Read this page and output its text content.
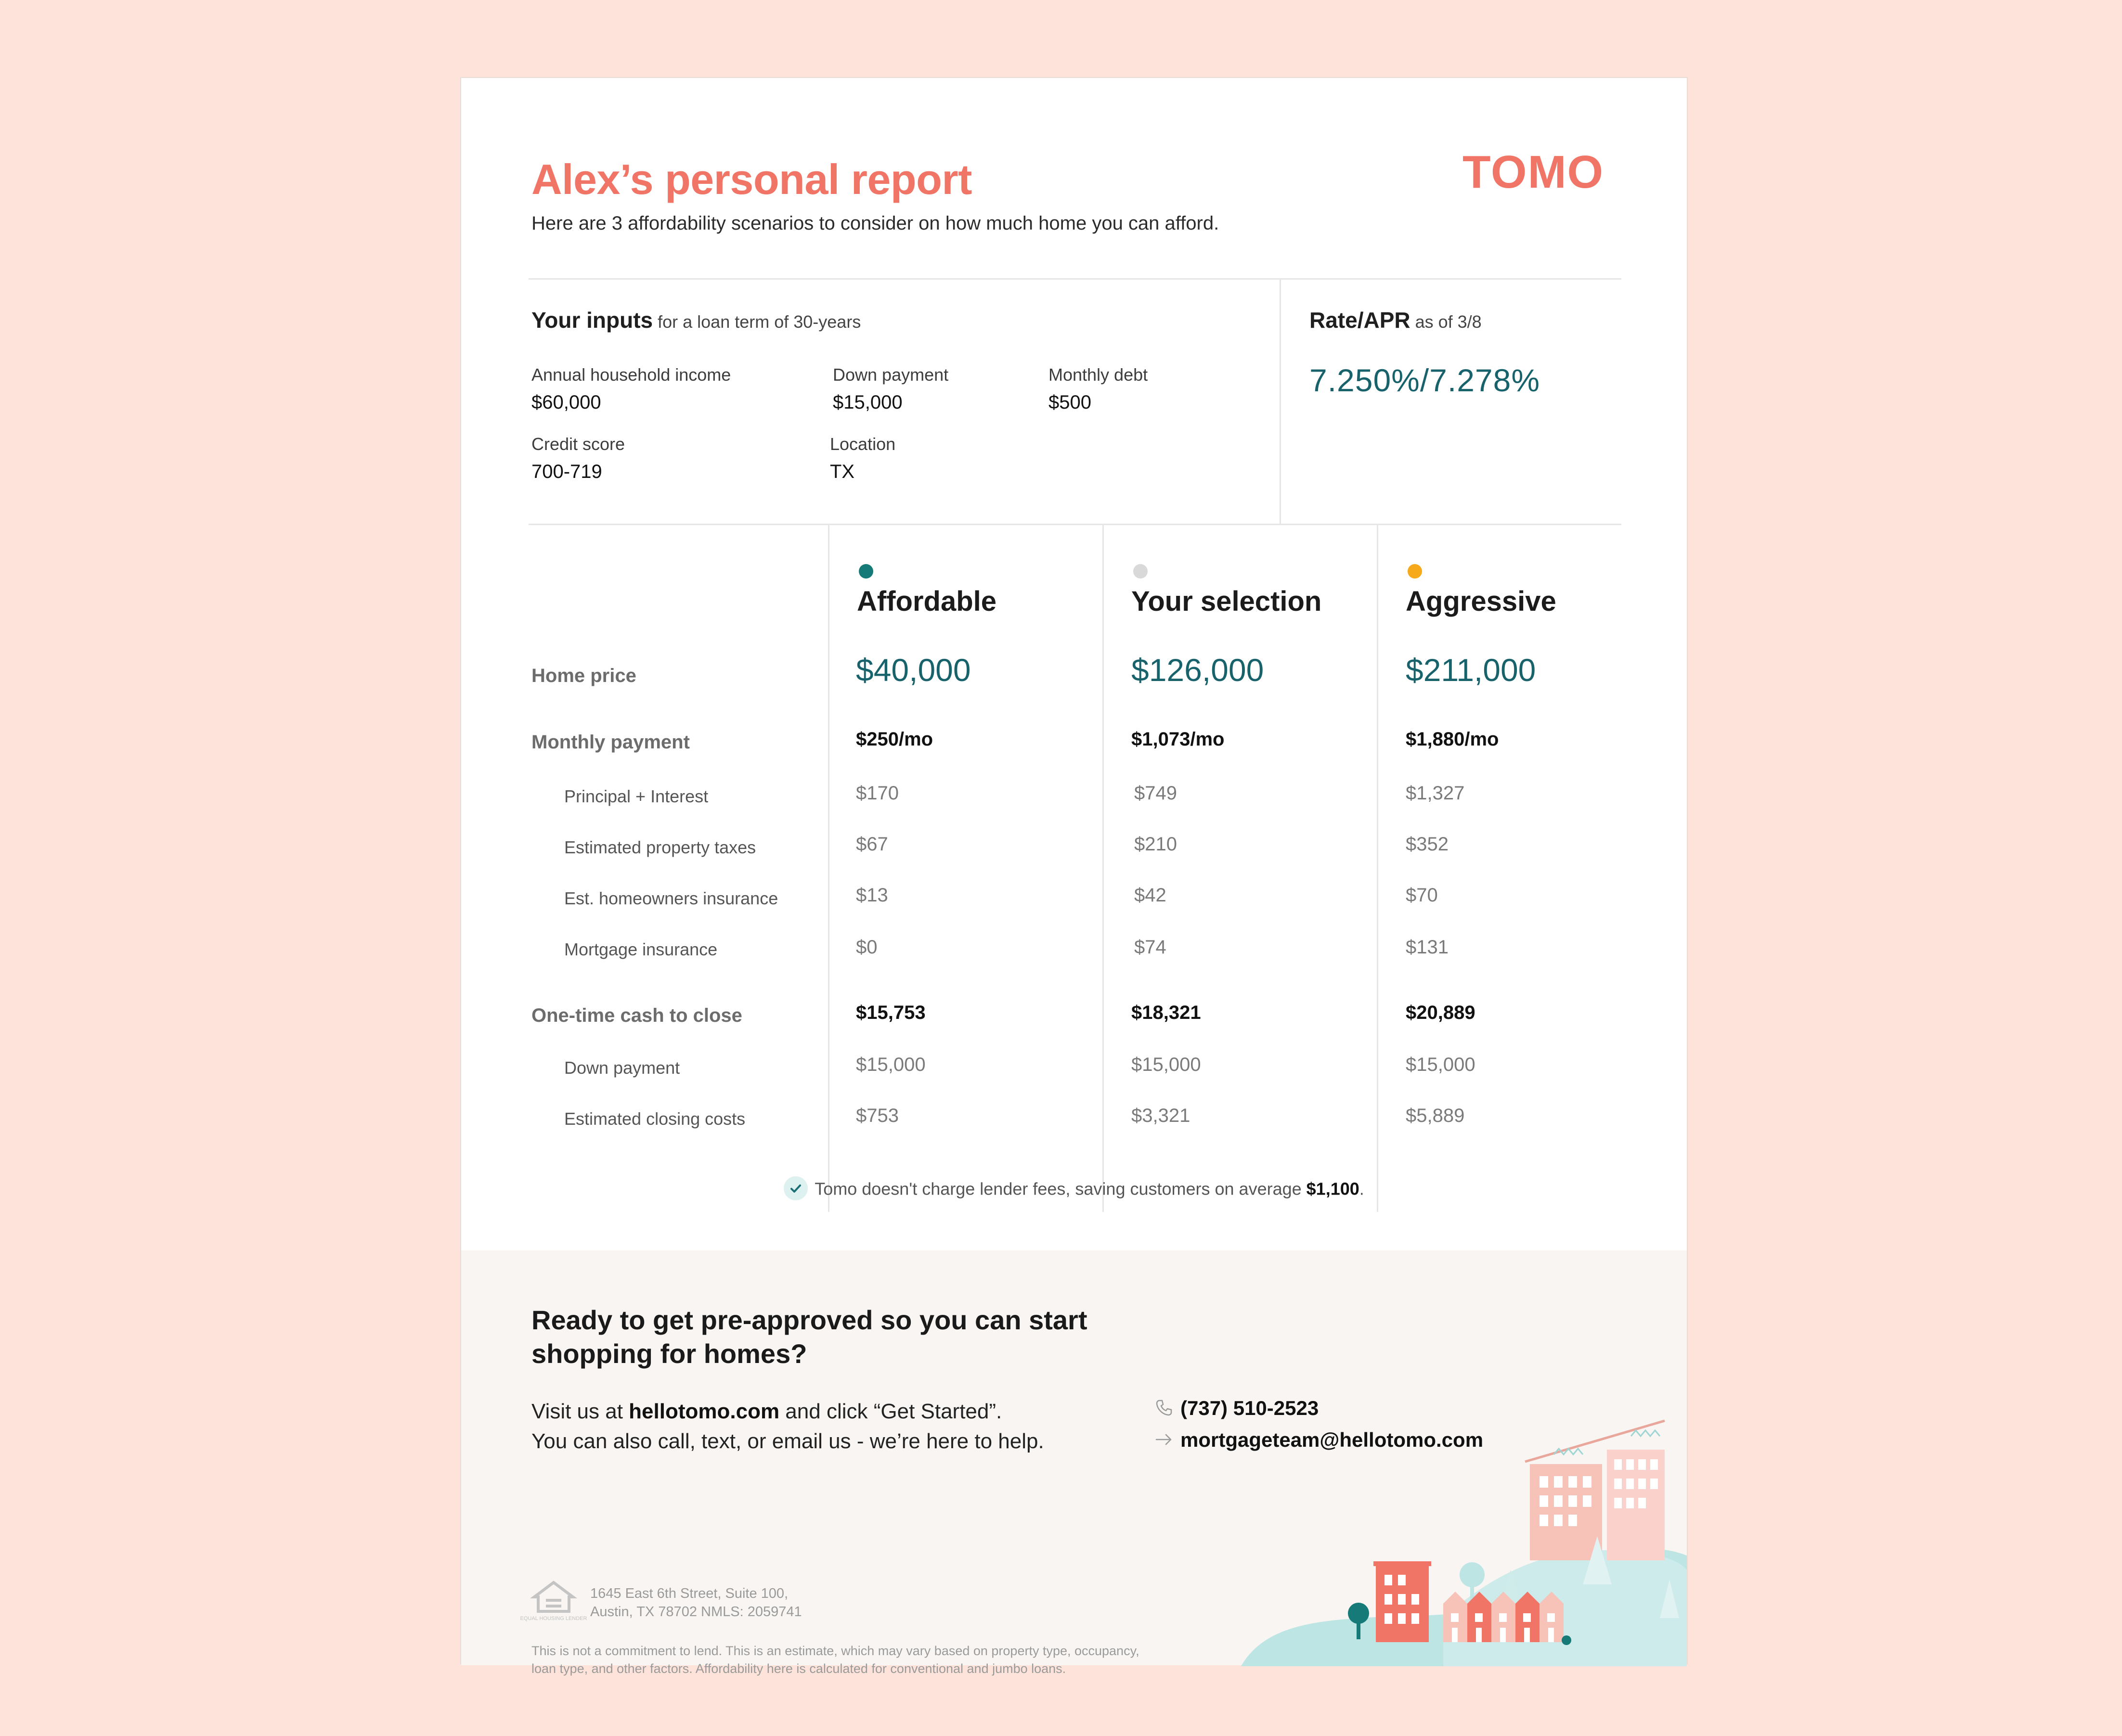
Alex’s personal report
Here are 3 affordability scenarios to consider on how much home you can afford.
TOMO
Your inputs for a loan term of 30-years
Annual household income
$60,000
Down payment
$15,000
Monthly debt
$500
Credit score
700-719
Location
TX
Rate/APR as of 3/8
7.250%/7.278%
Home price
Monthly payment
Principal + Interest
Estimated property taxes
Est. homeowners insurance
Mortgage insurance
One-time cash to close
Down payment
Estimated closing costs
Affordable
$40,000
$250/mo
$170
$67
$13
$0
$15,753
$15,000
$753
Your selection
$126,000
$1,073/mo
$749
$210
$42
$74
$18,321
$15,000
$3,321
Aggressive
$211,000
$1,880/mo
$1,327
$352
$70
$131
$20,889
$15,000
$5,889
Tomo doesn't charge lender fees, saving customers on average $1,100.
Ready to get pre-approved so you can start shopping for homes?
Visit us at hellotomo.com and click “Get Started”.
You can also call, text, or email us - we’re here to help.
(737) 510-2523
mortgageteam@hellotomo.com
EQUAL HOUSING LENDER
1645 East 6th Street, Suite 100,
Austin, TX 78702 NMLS: 2059741
This is not a commitment to lend. This is an estimate, which may vary based on property type, occupancy, loan type, and other factors. Affordability here is calculated for conventional and jumbo loans.
